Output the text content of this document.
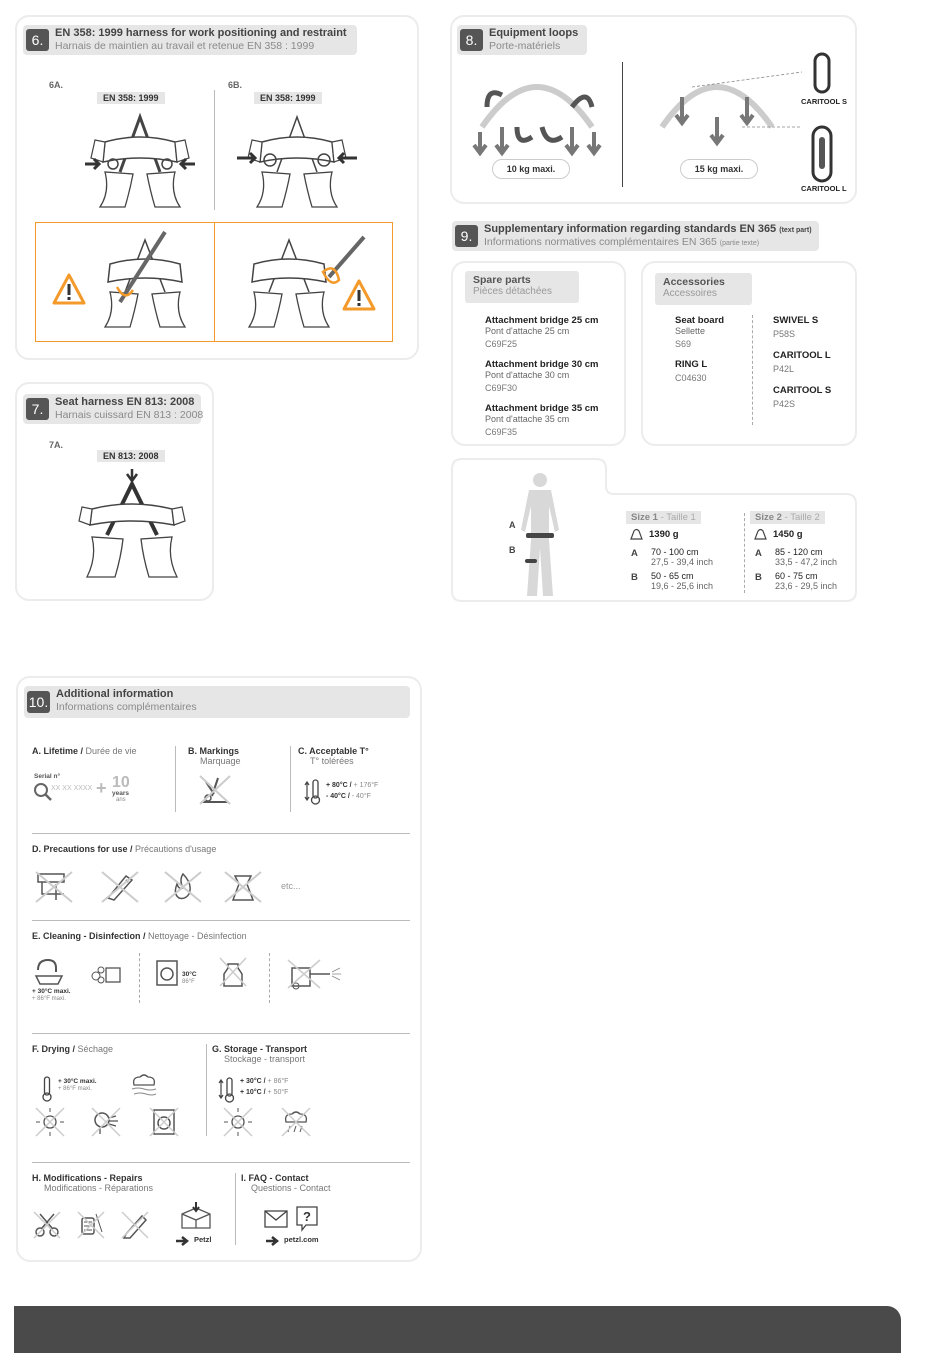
6.	EN 358: 1999 harness for work positioning and restraint
Harnais de maintien au travail et retenue EN 358 : 1999
6A.	6B.
EN 358: 1999	EN 358: 1999
7.	Seat harness EN 813: 2008
Harnais cuissard EN 813 : 2008
7A.
EN 813: 2008
8.	Equipment loops
Porte-matériels
10 kg maxi.	15 kg maxi.
CARITOOL S
CARITOOL L
9.	Supplementary information regarding standards EN 365 (text part)
Informations normatives complémentaires EN 365 (partie texte)
Spare parts
Pièces détachées
Attachment bridge 25 cm
Pont d'attache 25 cm
C69F25
Attachment bridge 30 cm
Pont d'attache 30 cm
C69F30
Attachment bridge 35 cm
Pont d'attache 35 cm
C69F35
Accessories
Accessoires
Seat board
Sellette
S69
RING L
C04630
SWIVEL S
P58S
CARITOOL L
P42L
CARITOOL S
P42S
A
B
Size 1 - Taille 1
1390 g
A 70 - 100 cm
27,5 - 39,4 inch
B 50 - 65 cm
19,6 - 25,6 inch
Size 2 - Taille 2
1450 g
A 85 - 120 cm
33,5 - 47,2 inch
B 60 - 75 cm
23,6 - 29,5 inch
10. Additional information
Informations complémentaires
A. Lifetime / Durée de vie
Serial n°
XX XX XXXX + 10
years
ans
B. Markings
Marquage
C. Acceptable T°
T° tolérées
+ 80°C / + 176°F
- 40°C / - 40°F
D. Precautions for use / Précautions d'usage
etc...
E. Cleaning - Disinfection / Nettoyage - Désinfection
+ 30°C maxi.
+ 86°F maxi.
30°C
86°F
F. Drying / Séchage
+ 30°C maxi.
+ 86°F maxi.
G. Storage - Transport
Stockage - transport
+ 30°C / + 86°F
+ 10°C / + 50°F
H. Modifications - Repairs
Modifications - Réparations
Petzl
I. FAQ - Contact
Questions - Contact
?
petzl.com
